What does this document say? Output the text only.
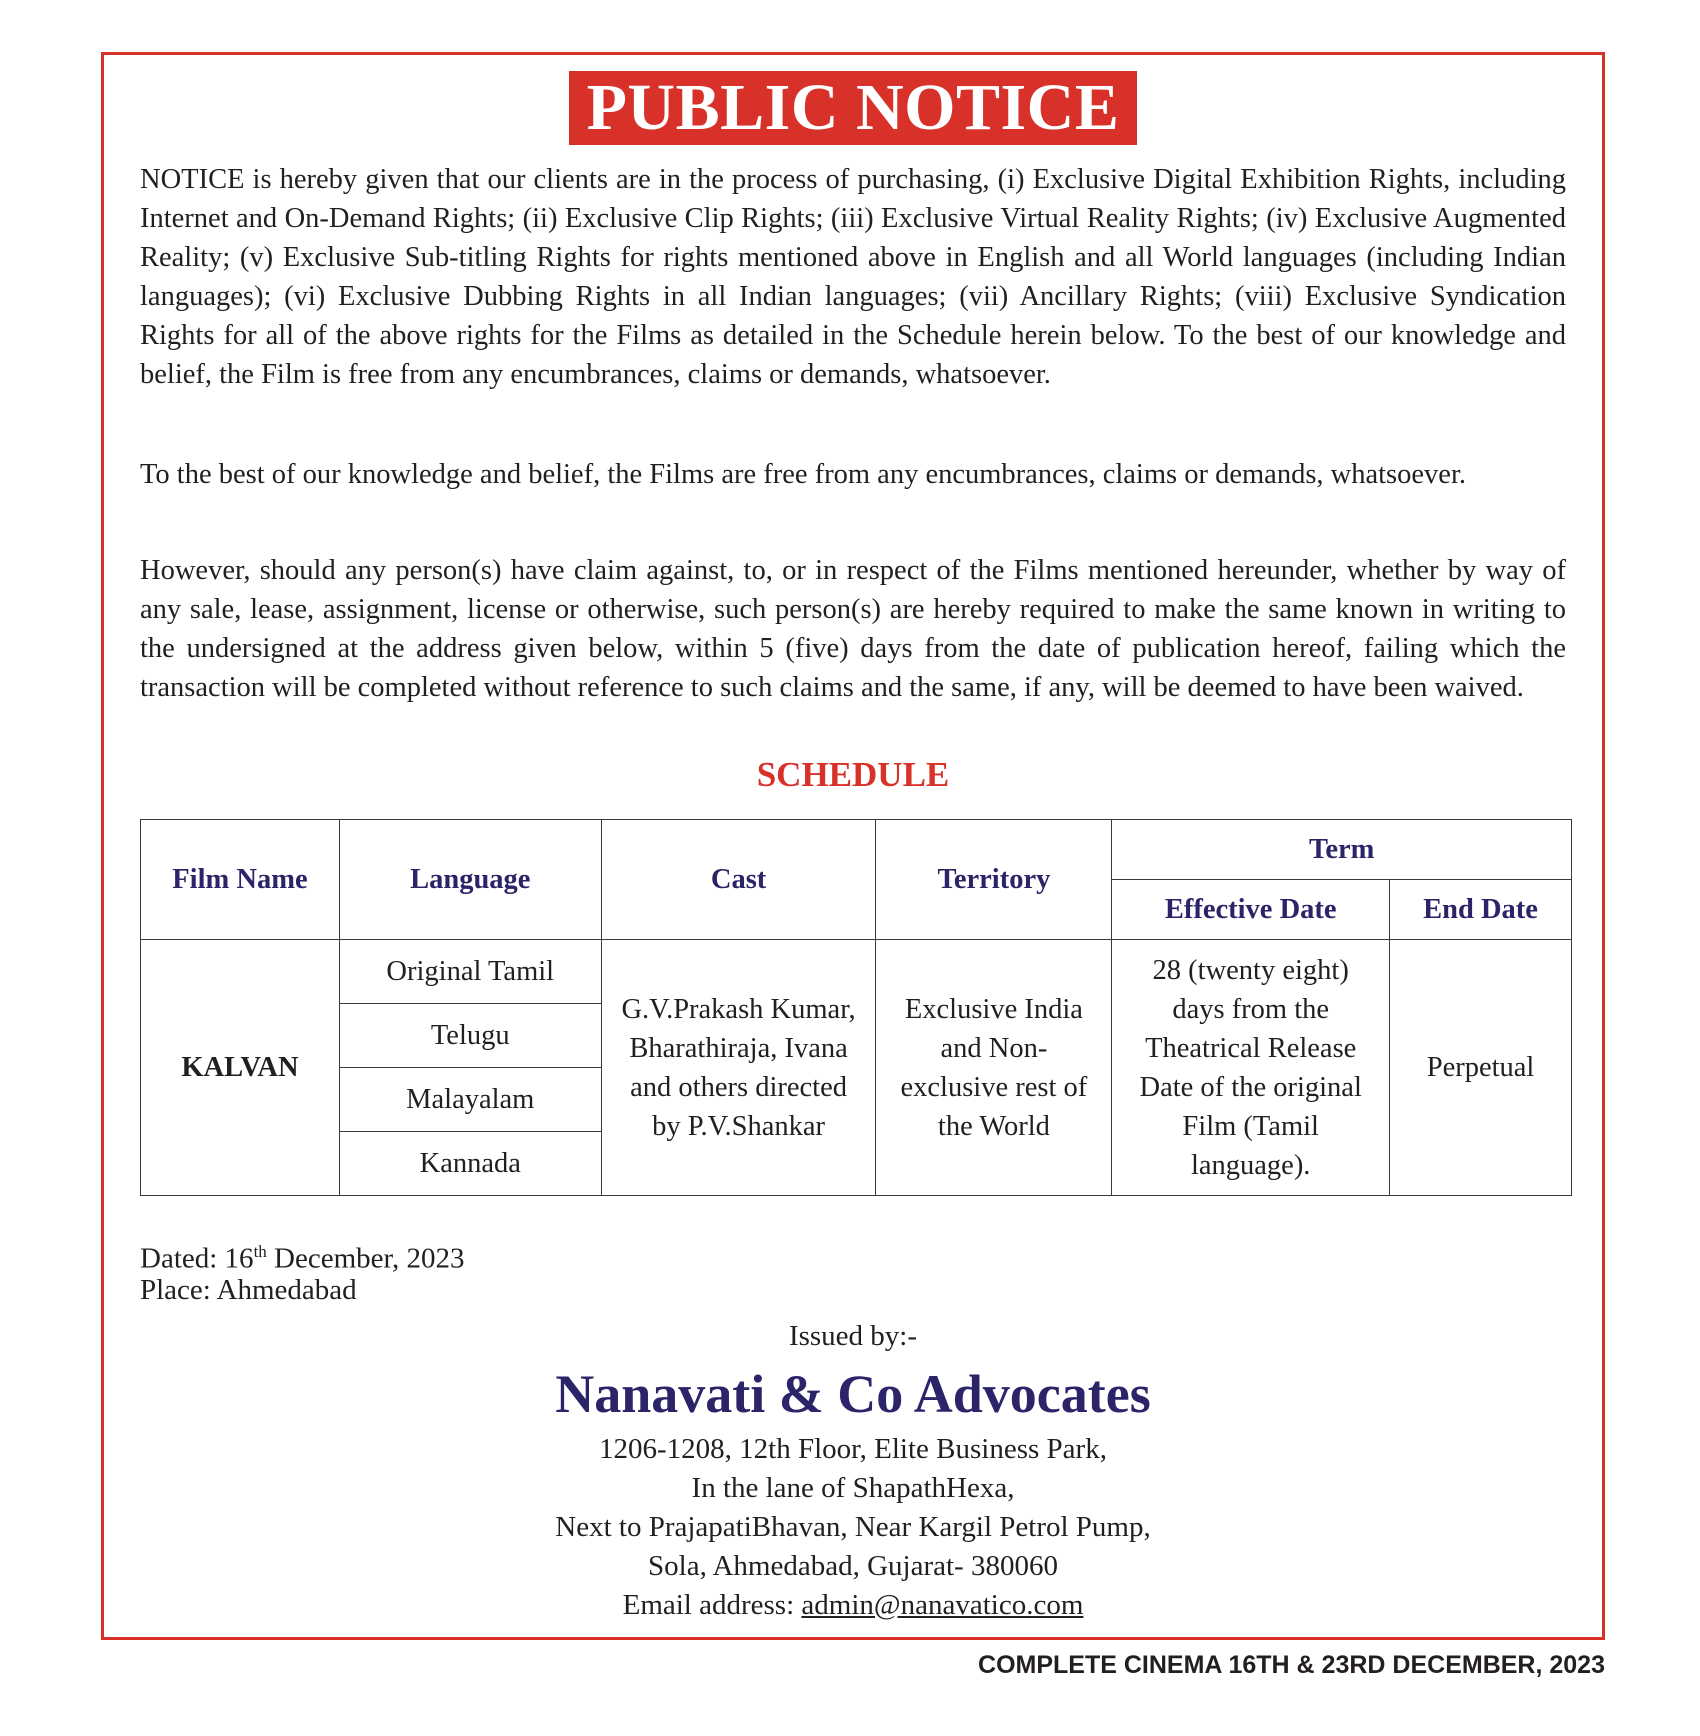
PUBLIC NOTICE

NOTICE is hereby given that our clients are in the process of purchasing, (i) Exclusive Digital Exhibition Rights, including Internet and On-Demand Rights; (ii) Exclusive Clip Rights; (iii) Exclusive Virtual Reality Rights; (iv) Exclusive Augmented Reality; (v) Exclusive Sub-titling Rights for rights mentioned above in English and all World languages (including Indian languages); (vi) Exclusive Dubbing Rights in all Indian languages; (vii) Ancillary Rights; (viii) Exclusive Syndication Rights for all of the above rights for the Films as detailed in the Schedule herein below. To the best of our knowledge and belief, the Film is free from any encumbrances, claims or demands, whatsoever.

To the best of our knowledge and belief, the Films are free from any encumbrances, claims or demands, whatsoever.

However, should any person(s) have claim against, to, or in respect of the Films mentioned hereunder, whether by way of any sale, lease, assignment, license or otherwise, such person(s) are hereby required to make the same known in writing to the undersigned at the address given below, within 5 (five) days from the date of publication hereof, failing which the transaction will be completed without reference to such claims and the same, if any, will be deemed to have been waived.

SCHEDULE
Film Name	Language	Cast	Territory	Term	
				Effective Date	End Date
KALVAN	Original Tamil	G.V.Prakash Kumar, Bharathiraja, Ivana and others directed by P.V.Shankar	Exclusive India and Non-exclusive rest of the World	28 (twenty eight) days from the Theatrical Release Date of the original Film (Tamil language).	Perpetual
	Telugu				
	Malayalam				
	Kannada				
Dated: 16th December, 2023
Place: Ahmedabad
Issued by:-
Nanavati & Co Advocates
1206-1208, 12th Floor, Elite Business Park,
In the lane of ShapathHexa,
Next to PrajapatiBhavan, Near Kargil Petrol Pump,
Sola, Ahmedabad, Gujarat- 380060
Email address: admin@nanavatico.com
COMPLETE CINEMA 16TH & 23RD DECEMBER, 2023
